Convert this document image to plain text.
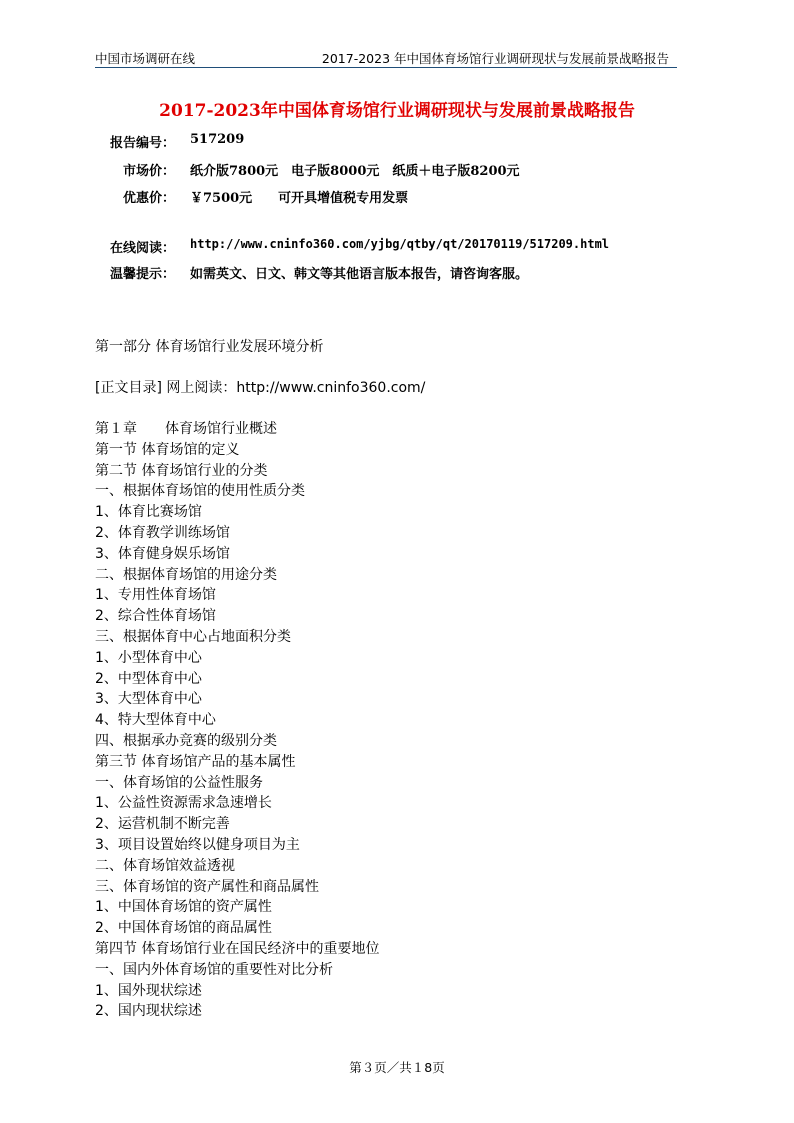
中国市场调研在线	2017-2023 年中国体育场馆行业调研现状与发展前景战略报告
2017-2023年中国体育场馆行业调研现状与发展前景战略报告
报告编号：	517209
市场价： 纸介版7800元　电子版8000元　纸质＋电子版8200元
优惠价： ￥7500元　　可开具增值税专用发票
在线阅读： http://www.cninfo360.com/yjbg/qtby/qt/20170119/517209.html
温馨提示： 如需英文、日文、韩文等其他语言版本报告，请咨询客服。
第一部分 体育场馆行业发展环境分析
[正文目录] 网上阅读：http://www.cninfo360.com/
第１章　　体育场馆行业概述
第一节 体育场馆的定义
第二节 体育场馆行业的分类
一、根据体育场馆的使用性质分类
1、体育比赛场馆
2、体育教学训练场馆
3、体育健身娱乐场馆
二、根据体育场馆的用途分类
1、专用性体育场馆
2、综合性体育场馆
三、根据体育中心占地面积分类
1、小型体育中心
2、中型体育中心
3、大型体育中心
4、特大型体育中心
四、根据承办竞赛的级别分类
第三节 体育场馆产品的基本属性
一、体育场馆的公益性服务
1、公益性资源需求急速增长
2、运营机制不断完善
3、项目设置始终以健身项目为主
二、体育场馆效益透视
三、体育场馆的资产属性和商品属性
1、中国体育场馆的资产属性
2、中国体育场馆的商品属性
第四节 体育场馆行业在国民经济中的重要地位
一、国内外体育场馆的重要性对比分析
1、国外现状综述
2、国内现状综述
第３页／共１8页
